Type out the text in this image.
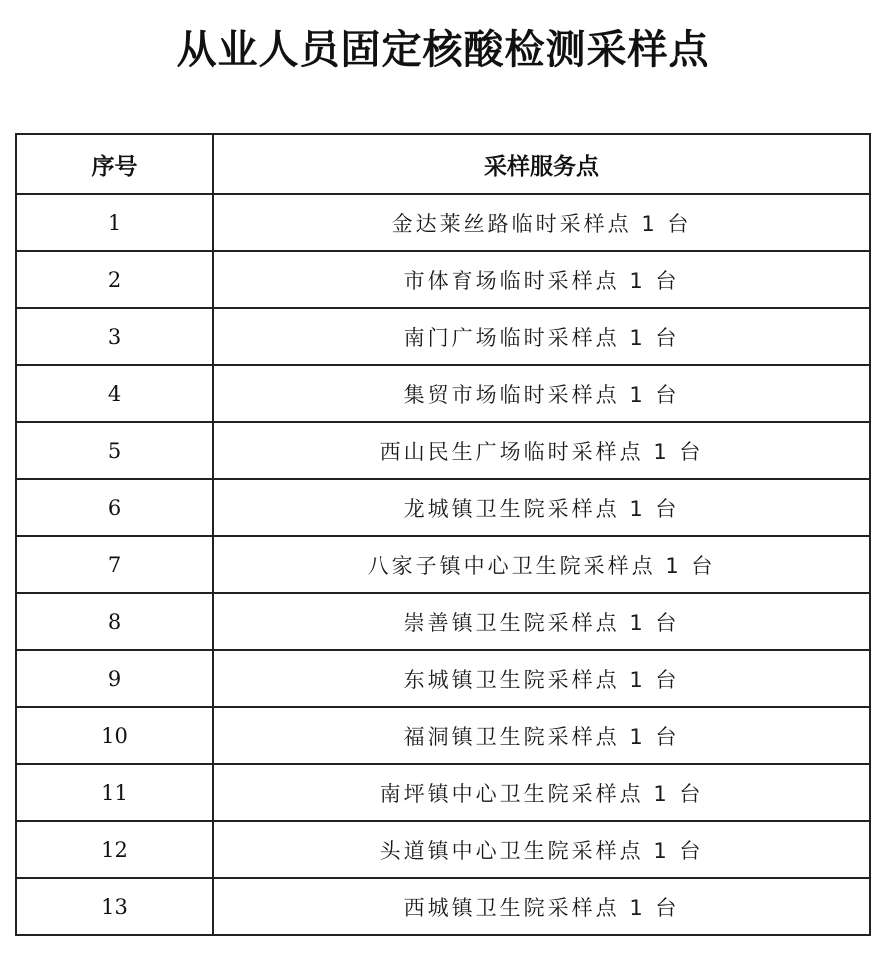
从业人员固定核酸检测采样点
序号	采样服务点
1	金达莱丝路临时采样点 1 台
2	市体育场临时采样点 1 台
3	南门广场临时采样点 1 台
4	集贸市场临时采样点 1 台
5	西山民生广场临时采样点 1 台
6	龙城镇卫生院采样点 1 台
7	八家子镇中心卫生院采样点 1 台
8	崇善镇卫生院采样点 1 台
9	东城镇卫生院采样点 1 台
10	福洞镇卫生院采样点 1 台
11	南坪镇中心卫生院采样点 1 台
12	头道镇中心卫生院采样点 1 台
13	西城镇卫生院采样点 1 台
